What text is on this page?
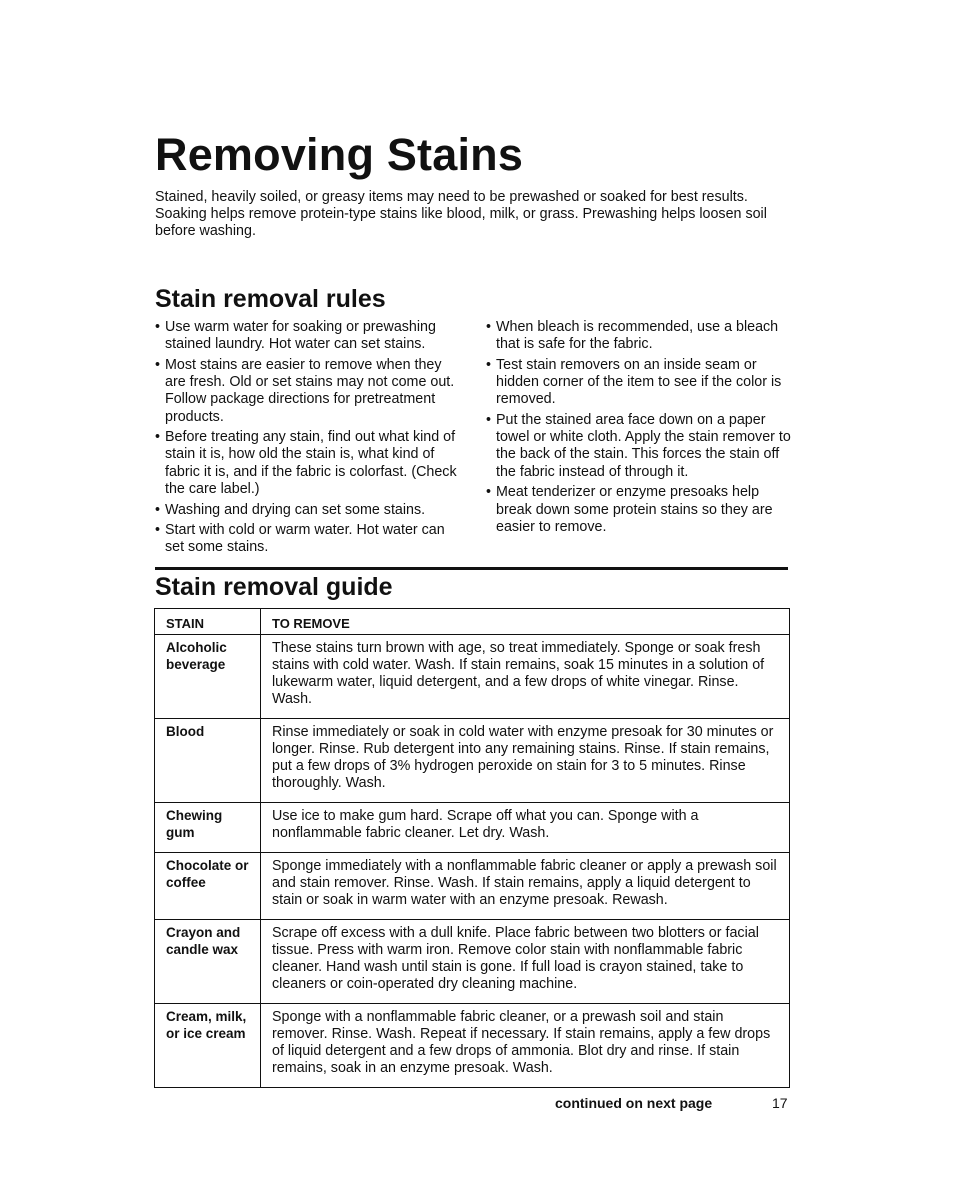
Removing Stains

Stained, heavily soiled, or greasy items may need to be prewashed or soaked for best results. Soaking helps remove protein-type stains like blood, milk, or grass. Prewashing helps loosen soil before washing.

Stain removal rules
• Use warm water for soaking or prewashing stained laundry. Hot water can set stains.
• Most stains are easier to remove when they are fresh. Old or set stains may not come out. Follow package directions for pretreatment products.
• Before treating any stain, find out what kind of stain it is, how old the stain is, what kind of fabric it is, and if the fabric is colorfast. (Check the care label.)
• Washing and drying can set some stains.
• Start with cold or warm water. Hot water can set some stains.
• When bleach is recommended, use a bleach that is safe for the fabric.
• Test stain removers on an inside seam or hidden corner of the item to see if the color is removed.
• Put the stained area face down on a paper towel or white cloth. Apply the stain remover to the back of the stain. This forces the stain off the fabric instead of through it.
• Meat tenderizer or enzyme presoaks help break down some protein stains so they are easier to remove.
Stain removal guide
STAIN	TO REMOVE
Alcoholic beverage	These stains turn brown with age, so treat immediately. Sponge or soak fresh stains with cold water. Wash. If stain remains, soak 15 minutes in a solution of lukewarm water, liquid detergent, and a few drops of white vinegar. Rinse. Wash.
Blood	Rinse immediately or soak in cold water with enzyme presoak for 30 minutes or longer. Rinse. Rub detergent into any remaining stains. Rinse. If stain remains, put a few drops of 3% hydrogen peroxide on stain for 3 to 5 minutes. Rinse thoroughly. Wash.
Chewing gum	Use ice to make gum hard. Scrape off what you can. Sponge with a nonflammable fabric cleaner. Let dry. Wash.
Chocolate or coffee	Sponge immediately with a nonflammable fabric cleaner or apply a prewash soil and stain remover. Rinse. Wash. If stain remains, apply a liquid detergent to stain or soak in warm water with an enzyme presoak. Rewash.
Crayon and candle wax	Scrape off excess with a dull knife. Place fabric between two blotters or facial tissue. Press with warm iron. Remove color stain with nonflammable fabric cleaner. Hand wash until stain is gone. If full load is crayon stained, take to cleaners or coin-operated dry cleaning machine.
Cream, milk, or ice cream	Sponge with a nonflammable fabric cleaner, or a prewash soil and stain remover. Rinse. Wash. Repeat if necessary. If stain remains, apply a few drops of liquid detergent and a few drops of ammonia. Blot dry and rinse. If stain remains, soak in an enzyme presoak. Wash.
continued on next page	17
